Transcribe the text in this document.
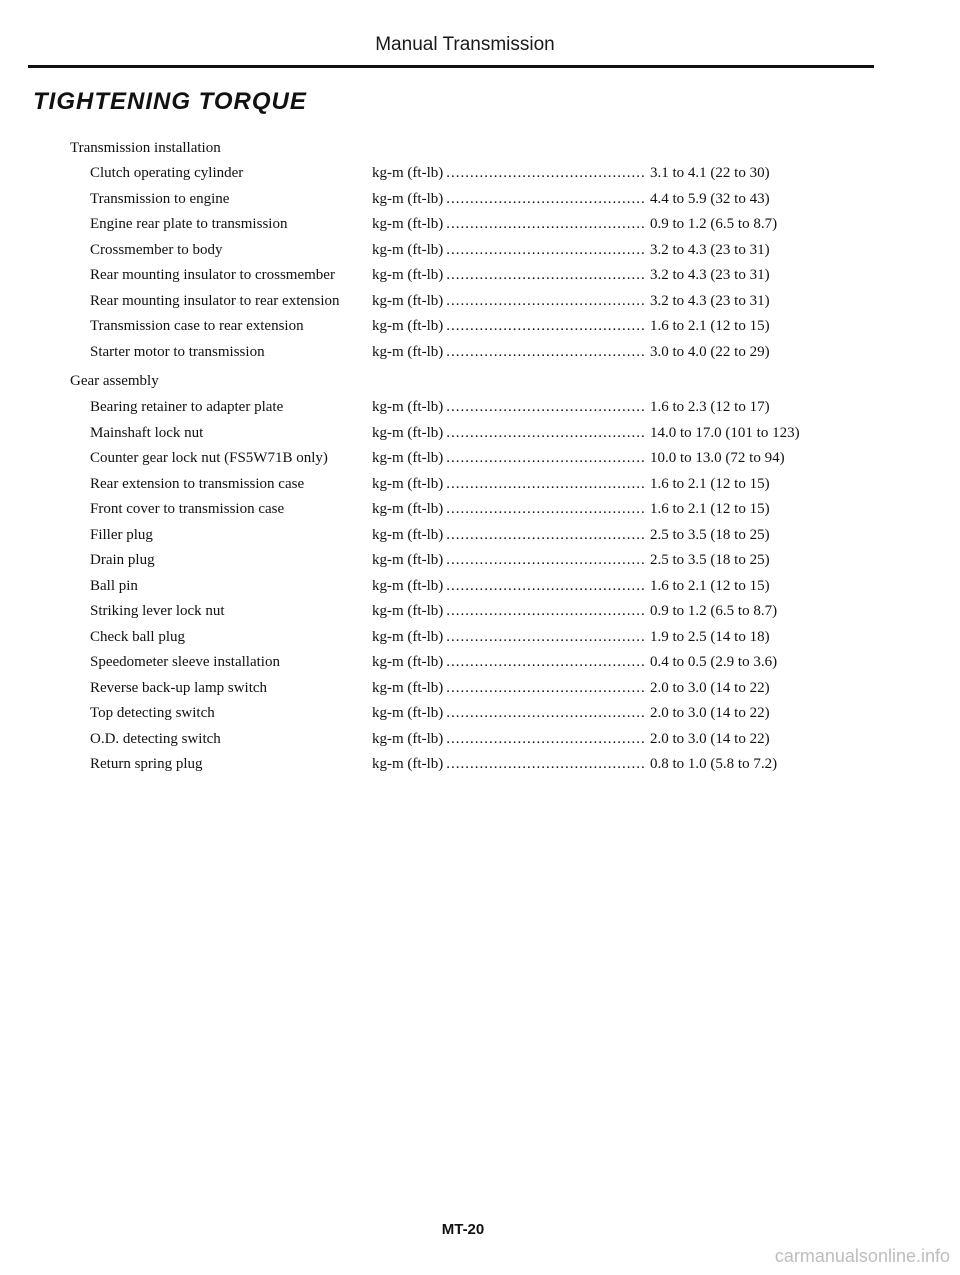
Manual Transmission
TIGHTENING TORQUE
Transmission installation
Clutch operating cylinder	kg-m (ft-lb) .....	3.1 to 4.1 (22 to 30)
Transmission to engine	kg-m (ft-lb) .....	4.4 to 5.9 (32 to 43)
Engine rear plate to transmission	kg-m (ft-lb) .....	0.9 to 1.2 (6.5 to 8.7)
Crossmember to body	kg-m (ft-lb) .....	3.2 to 4.3 (23 to 31)
Rear mounting insulator to crossmember kg-m (ft-lb) .....	3.2 to 4.3 (23 to 31)
Rear mounting insulator to rear extension kg-m (ft-lb) .....	3.2 to 4.3 (23 to 31)
Transmission case to rear extension	kg-m (ft-lb) .....	1.6 to 2.1 (12 to 15)
Starter motor to transmission	kg-m (ft-lb) .....	3.0 to 4.0 (22 to 29)
Gear assembly
Bearing retainer to adapter plate	kg-m (ft-lb) .....	1.6 to 2.3 (12 to 17)
Mainshaft lock nut	kg-m (ft-lb) .....	14.0 to 17.0 (101 to 123)
Counter gear lock nut (FS5W71B only)	kg-m (ft-lb) .....	10.0 to 13.0 (72 to 94)
Rear extension to transmission case	kg-m (ft-lb) .....	1.6 to 2.1 (12 to 15)
Front cover to transmission case	kg-m (ft-lb) .....	1.6 to 2.1 (12 to 15)
Filler plug	kg-m (ft-lb) .....	2.5 to 3.5 (18 to 25)
Drain plug	kg-m (ft-lb) .....	2.5 to 3.5 (18 to 25)
Ball pin	kg-m (ft-lb) .....	1.6 to 2.1 (12 to 15)
Striking lever lock nut	kg-m (ft-lb) .....	0.9 to 1.2 (6.5 to 8.7)
Check ball plug	kg-m (ft-lb) .....	1.9 to 2.5 (14 to 18)
Speedometer sleeve installation	kg-m (ft-lb) .....	0.4 to 0.5 (2.9 to 3.6)
Reverse back-up lamp switch	kg-m (ft-lb) .....	2.0 to 3.0 (14 to 22)
Top detecting switch	kg-m (ft-lb) .....	2.0 to 3.0 (14 to 22)
O.D. detecting switch	kg-m (ft-lb) .....	2.0 to 3.0 (14 to 22)
Return spring plug	kg-m (ft-lb) .....	0.8 to 1.0 (5.8 to 7.2)
MT-20
carmanualsonline.info
